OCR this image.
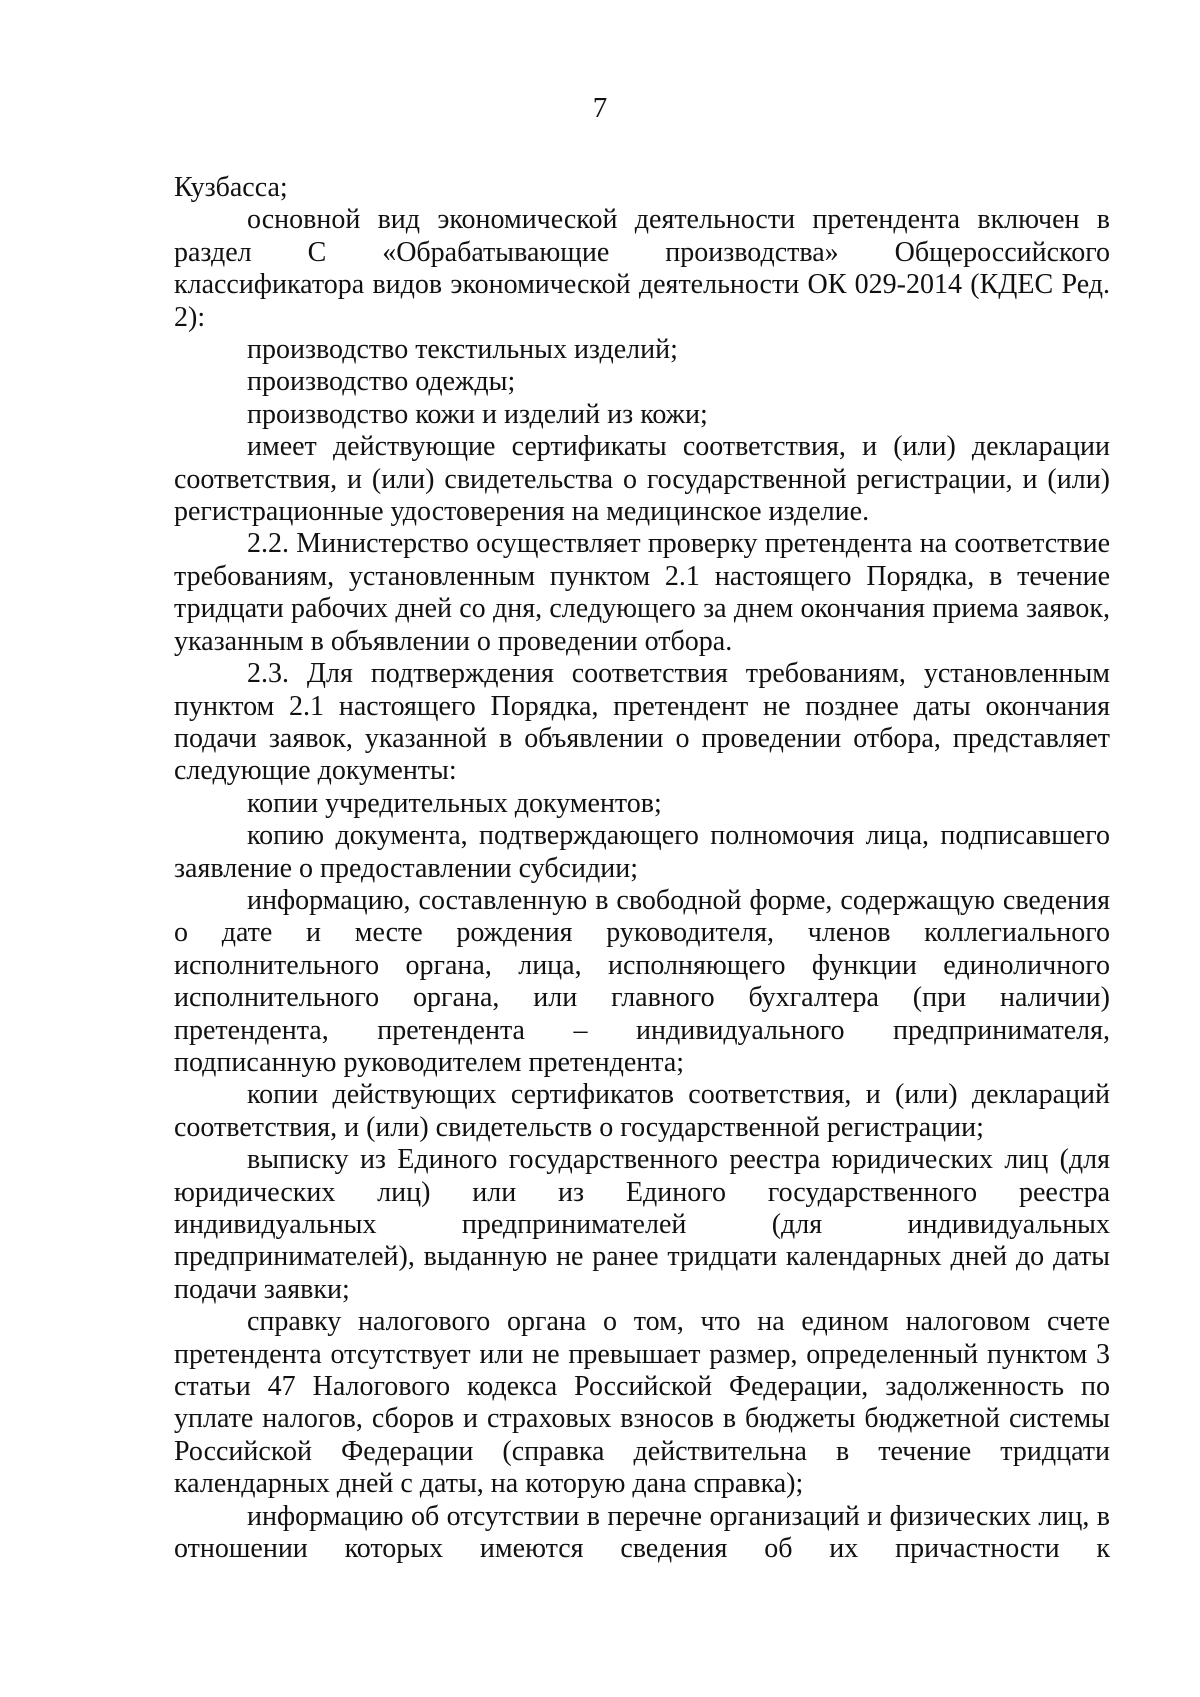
7

Кузбасса;

основной вид экономической деятельности претендента включен в раздел С «Обрабатывающие производства» Общероссийского классификатора видов экономической деятельности ОК 029-2014 (КДЕС Ред. 2):

производство текстильных изделий;

производство одежды;

производство кожи и изделий из кожи;

имеет действующие сертификаты соответствия, и (или) декларации соответствия, и (или) свидетельства о государственной регистрации, и (или) регистрационные удостоверения на медицинское изделие.

2.2. Министерство осуществляет проверку претендента на соответствие требованиям, установленным пунктом 2.1 настоящего Порядка, в течение тридцати рабочих дней со дня, следующего за днем окончания приема заявок, указанным в объявлении о проведении отбора.

2.3. Для подтверждения соответствия требованиям, установленным пунктом 2.1 настоящего Порядка, претендент не позднее даты окончания подачи заявок, указанной в объявлении о проведении отбора, представляет следующие документы:

копии учредительных документов;

копию документа, подтверждающего полномочия лица, подписавшего заявление о предоставлении субсидии;

информацию, составленную в свободной форме, содержащую сведения о дате и месте рождения руководителя, членов коллегиального исполнительного органа, лица, исполняющего функции единоличного исполнительного органа, или главного бухгалтера (при наличии) претендента, претендента – индивидуального предпринимателя, подписанную руководителем претендента;

копии действующих сертификатов соответствия, и (или) деклараций соответствия, и (или) свидетельств о государственной регистрации;

выписку из Единого государственного реестра юридических лиц (для юридических лиц) или из Единого государственного реестра индивидуальных предпринимателей (для индивидуальных предпринимателей), выданную не ранее тридцати календарных дней до даты подачи заявки;

справку налогового органа о том, что на едином налоговом счете претендента отсутствует или не превышает размер, определенный пунктом 3 статьи 47 Налогового кодекса Российской Федерации, задолженность по уплате налогов, сборов и страховых взносов в бюджеты бюджетной системы Российской Федерации (справка действительна в течение тридцати календарных дней с даты, на которую дана справка);

информацию об отсутствии в перечне организаций и физических лиц, в отношении которых имеются сведения об их причастности к
